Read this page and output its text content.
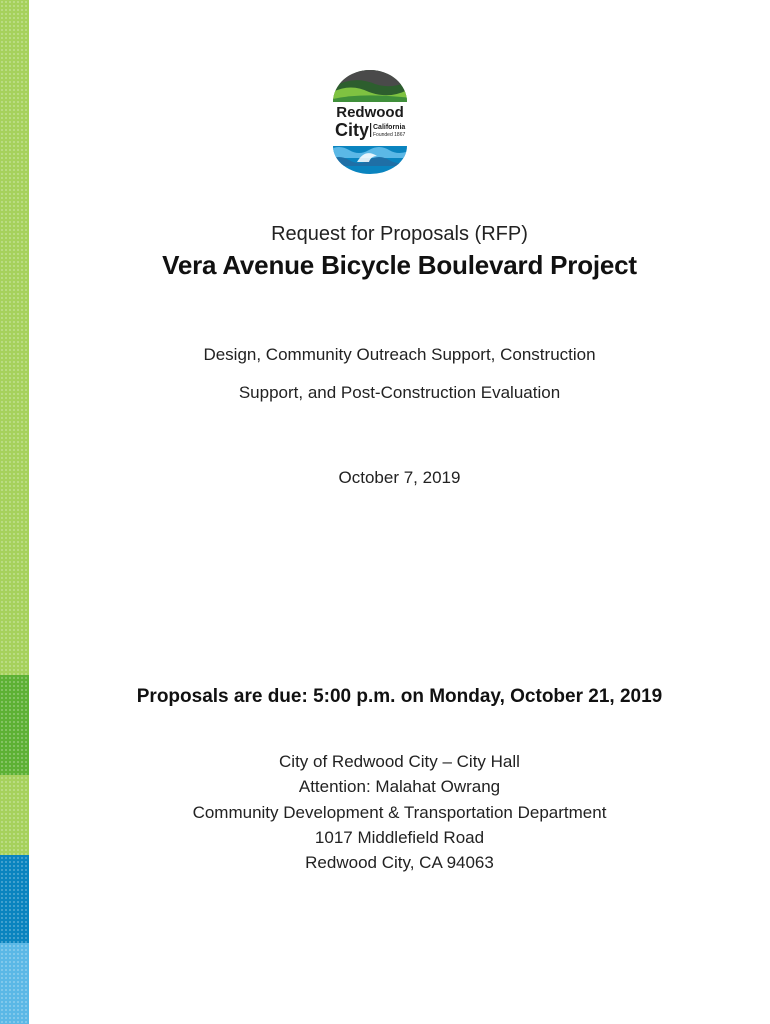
Redwood
City California
Founded 1867
Request for Proposals (RFP)
Vera Avenue Bicycle Boulevard Project
Design, Community Outreach Support, Construction
Support, and Post-Construction Evaluation
October 7, 2019
Proposals are due: 5:00 p.m. on Monday, October 21, 2019
City of Redwood City – City Hall
Attention: Malahat Owrang
Community Development & Transportation Department
1017 Middlefield Road
Redwood City, CA 94063
